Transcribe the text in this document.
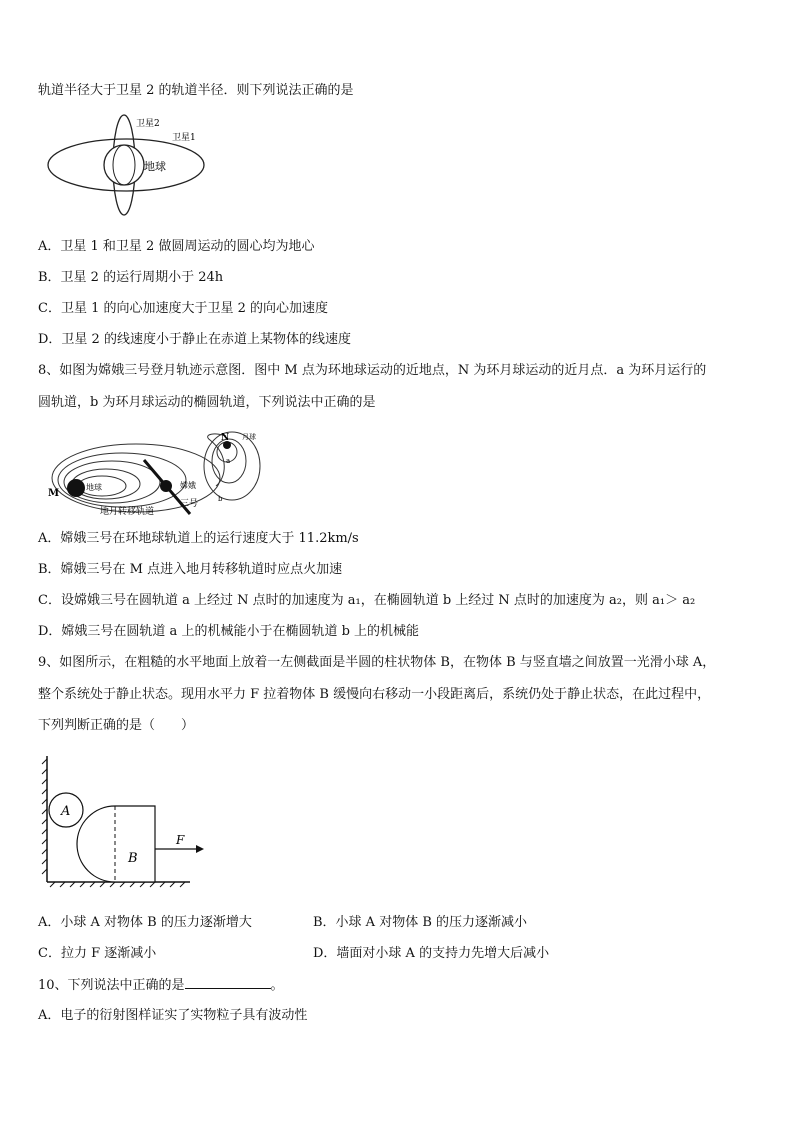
轨道半径大于卫星 2 的轨道半径．则下列说法正确的是
地球
卫星2
卫星1
A．卫星 1 和卫星 2 做圆周运动的圆心均为地心
B．卫星 2 的运行周期小于 24h
C．卫星 1 的向心加速度大于卫星 2 的向心加速度
D．卫星 2 的线速度小于静止在赤道上某物体的线速度
8、如图为嫦娥三号登月轨迹示意图．图中 M 点为环地球运动的近地点，N 为环月球运动的近月点．a 为环月运行的
圆轨道，b 为环月球运动的椭圆轨道，下列说法中正确的是
M
地球
地月转移轨道
嫦娥
三号
N 月球
a
b
A．嫦娥三号在环地球轨道上的运行速度大于 11.2km/s
B．嫦娥三号在 M 点进入地月转移轨道时应点火加速
C．设嫦娥三号在圆轨道 a 上经过 N 点时的加速度为 a₁，在椭圆轨道 b 上经过 N 点时的加速度为 a₂，则 a₁＞ a₂
D．嫦娥三号在圆轨道 a 上的机械能小于在椭圆轨道 b 上的机械能
9、如图所示，在粗糙的水平地面上放着一左侧截面是半圆的柱状物体 B，在物体 B 与竖直墙之间放置一光滑小球 A，
整个系统处于静止状态。现用水平力 F 拉着物体 B 缓慢向右移动一小段距离后，系统仍处于静止状态，在此过程中，
下列判断正确的是（　　）
A
B
F
A．小球 A 对物体 B 的压力逐渐增大	B．小球 A 对物体 B 的压力逐渐减小
C．拉力 F 逐渐减小	D．墙面对小球 A 的支持力先增大后减小
10、下列说法中正确的是	。
A．电子的衍射图样证实了实物粒子具有波动性
